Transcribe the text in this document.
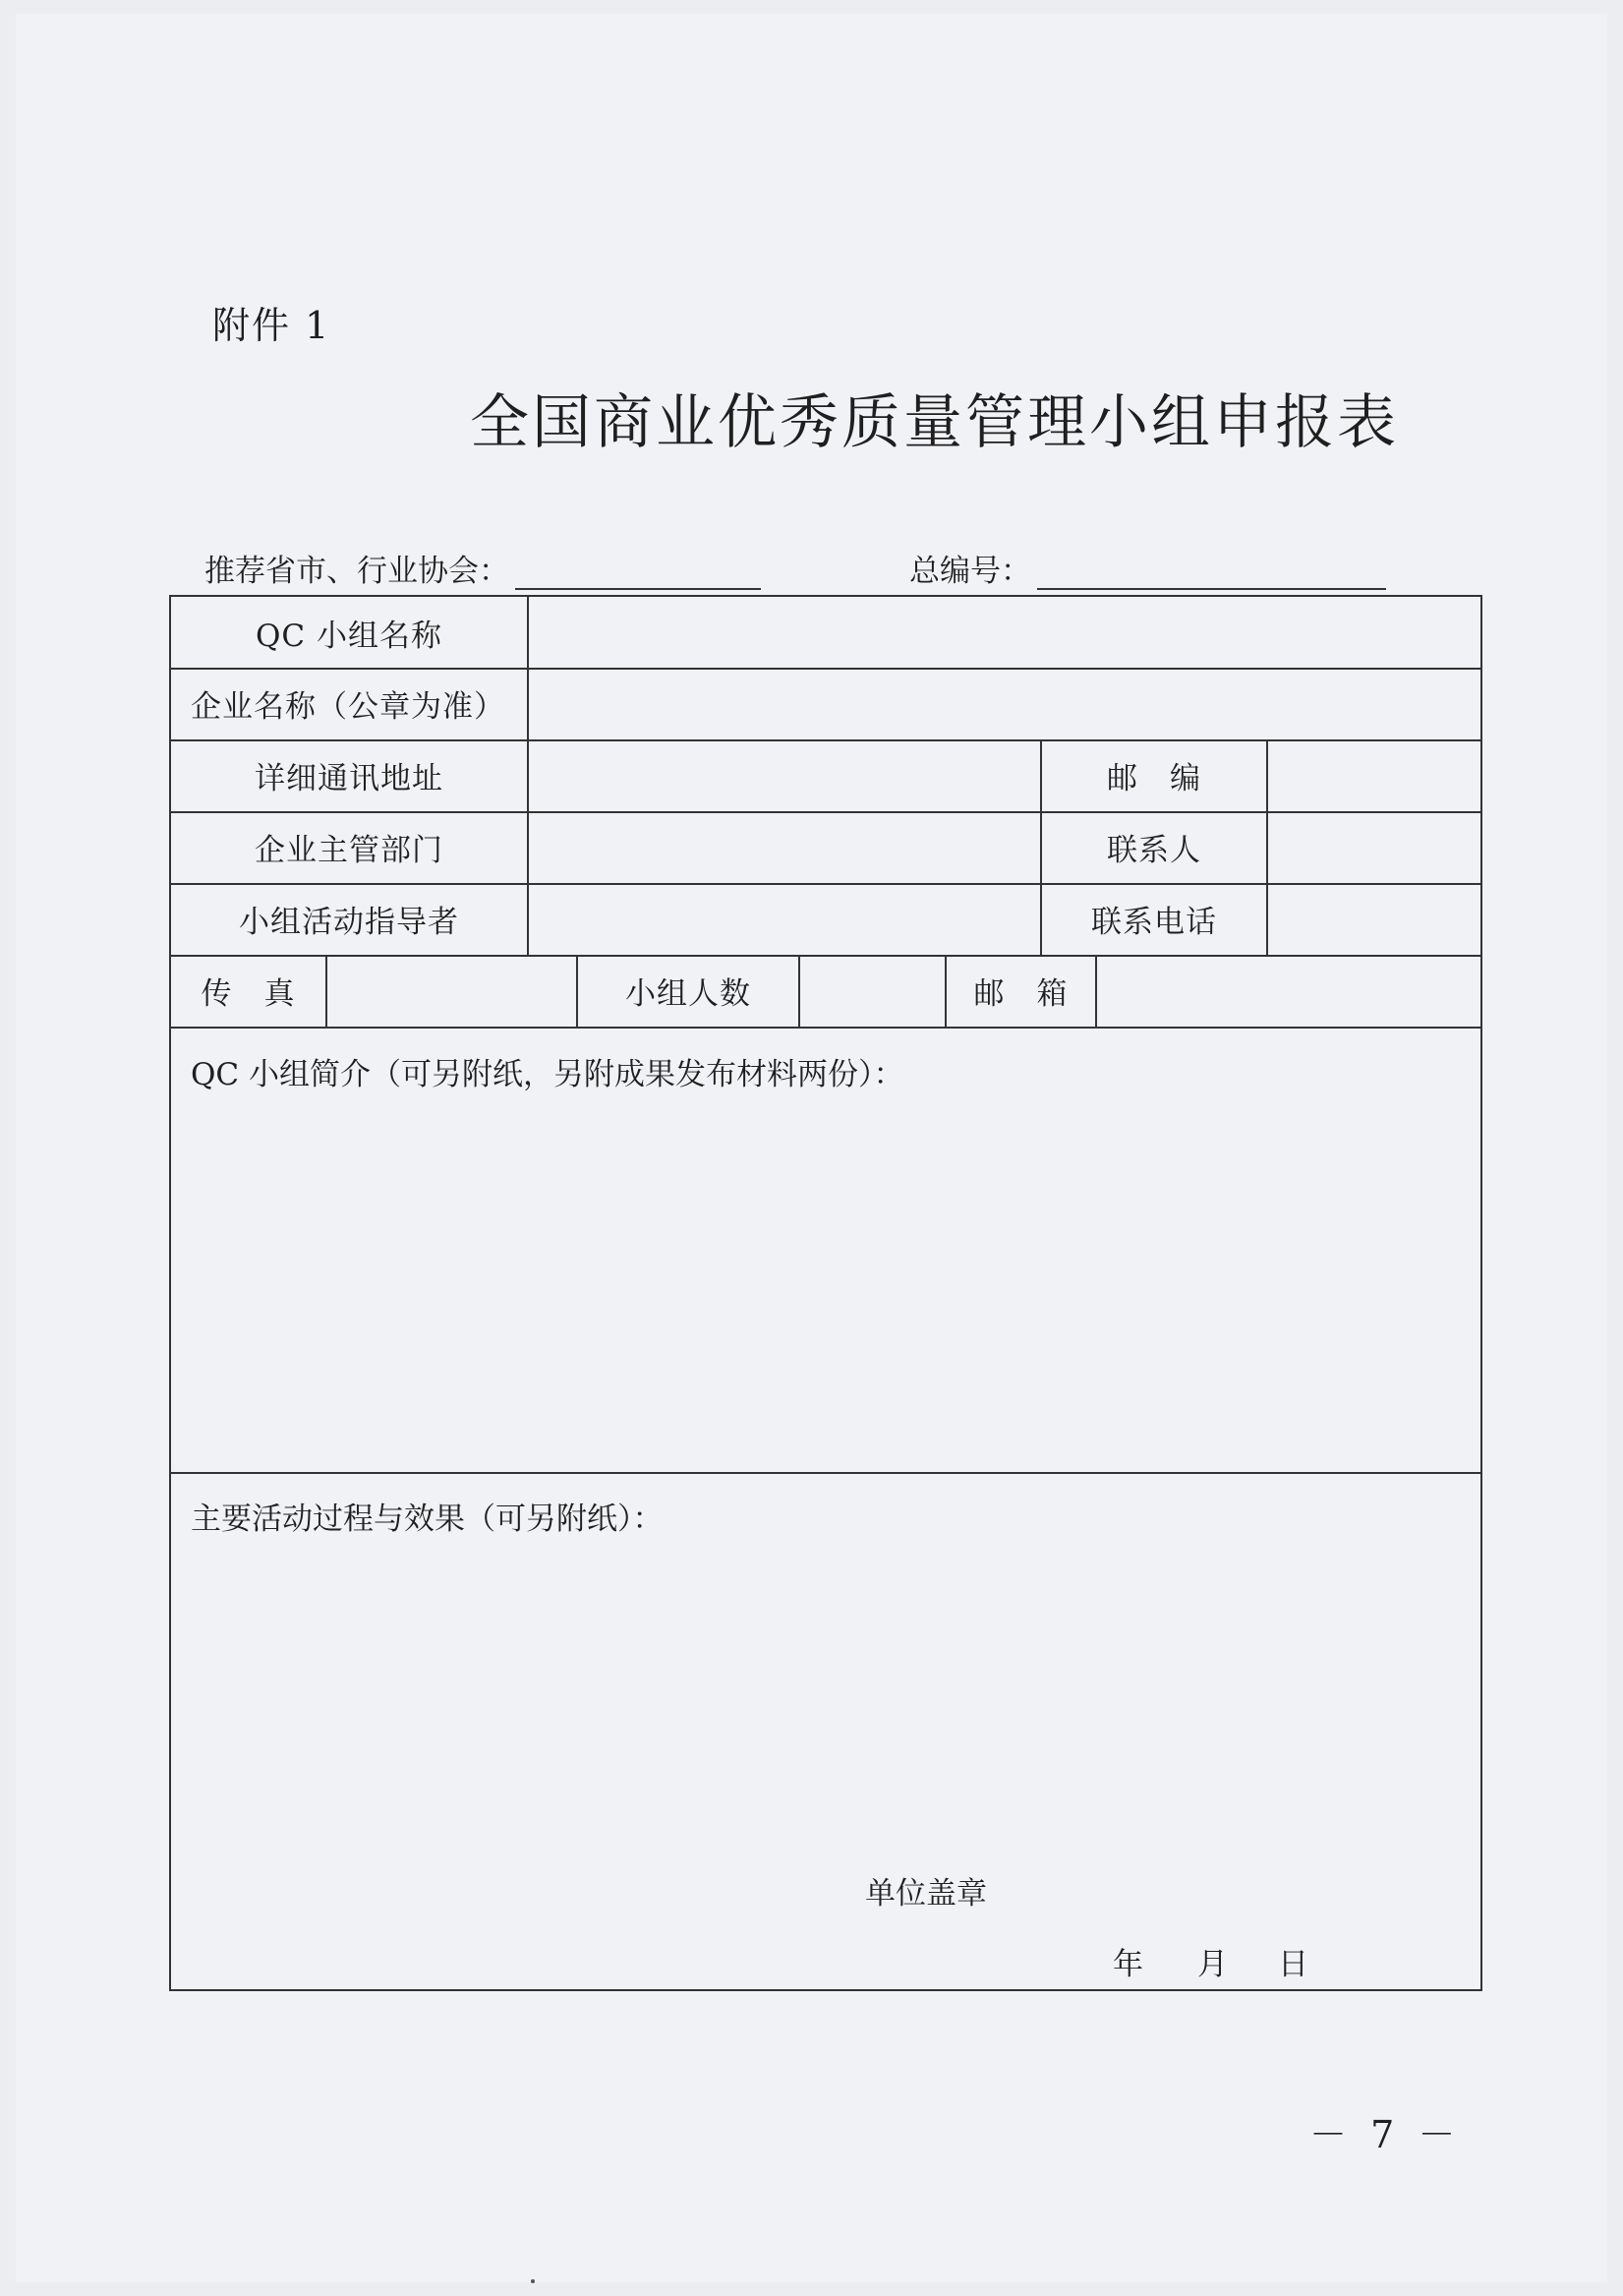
附件 1
全国商业优秀质量管理小组申报表
推荐省市、行业协会：	总编号：
QC 小组名称
企业名称（公章为准）
详细通讯地址	邮　编
企业主管部门	联系人
小组活动指导者	联系电话
传　真	小组人数	邮　箱
QC 小组简介（可另附纸，另附成果发布材料两份）：
主要活动过程与效果（可另附纸）：
单位盖章
年 月 日
－ 7 －
